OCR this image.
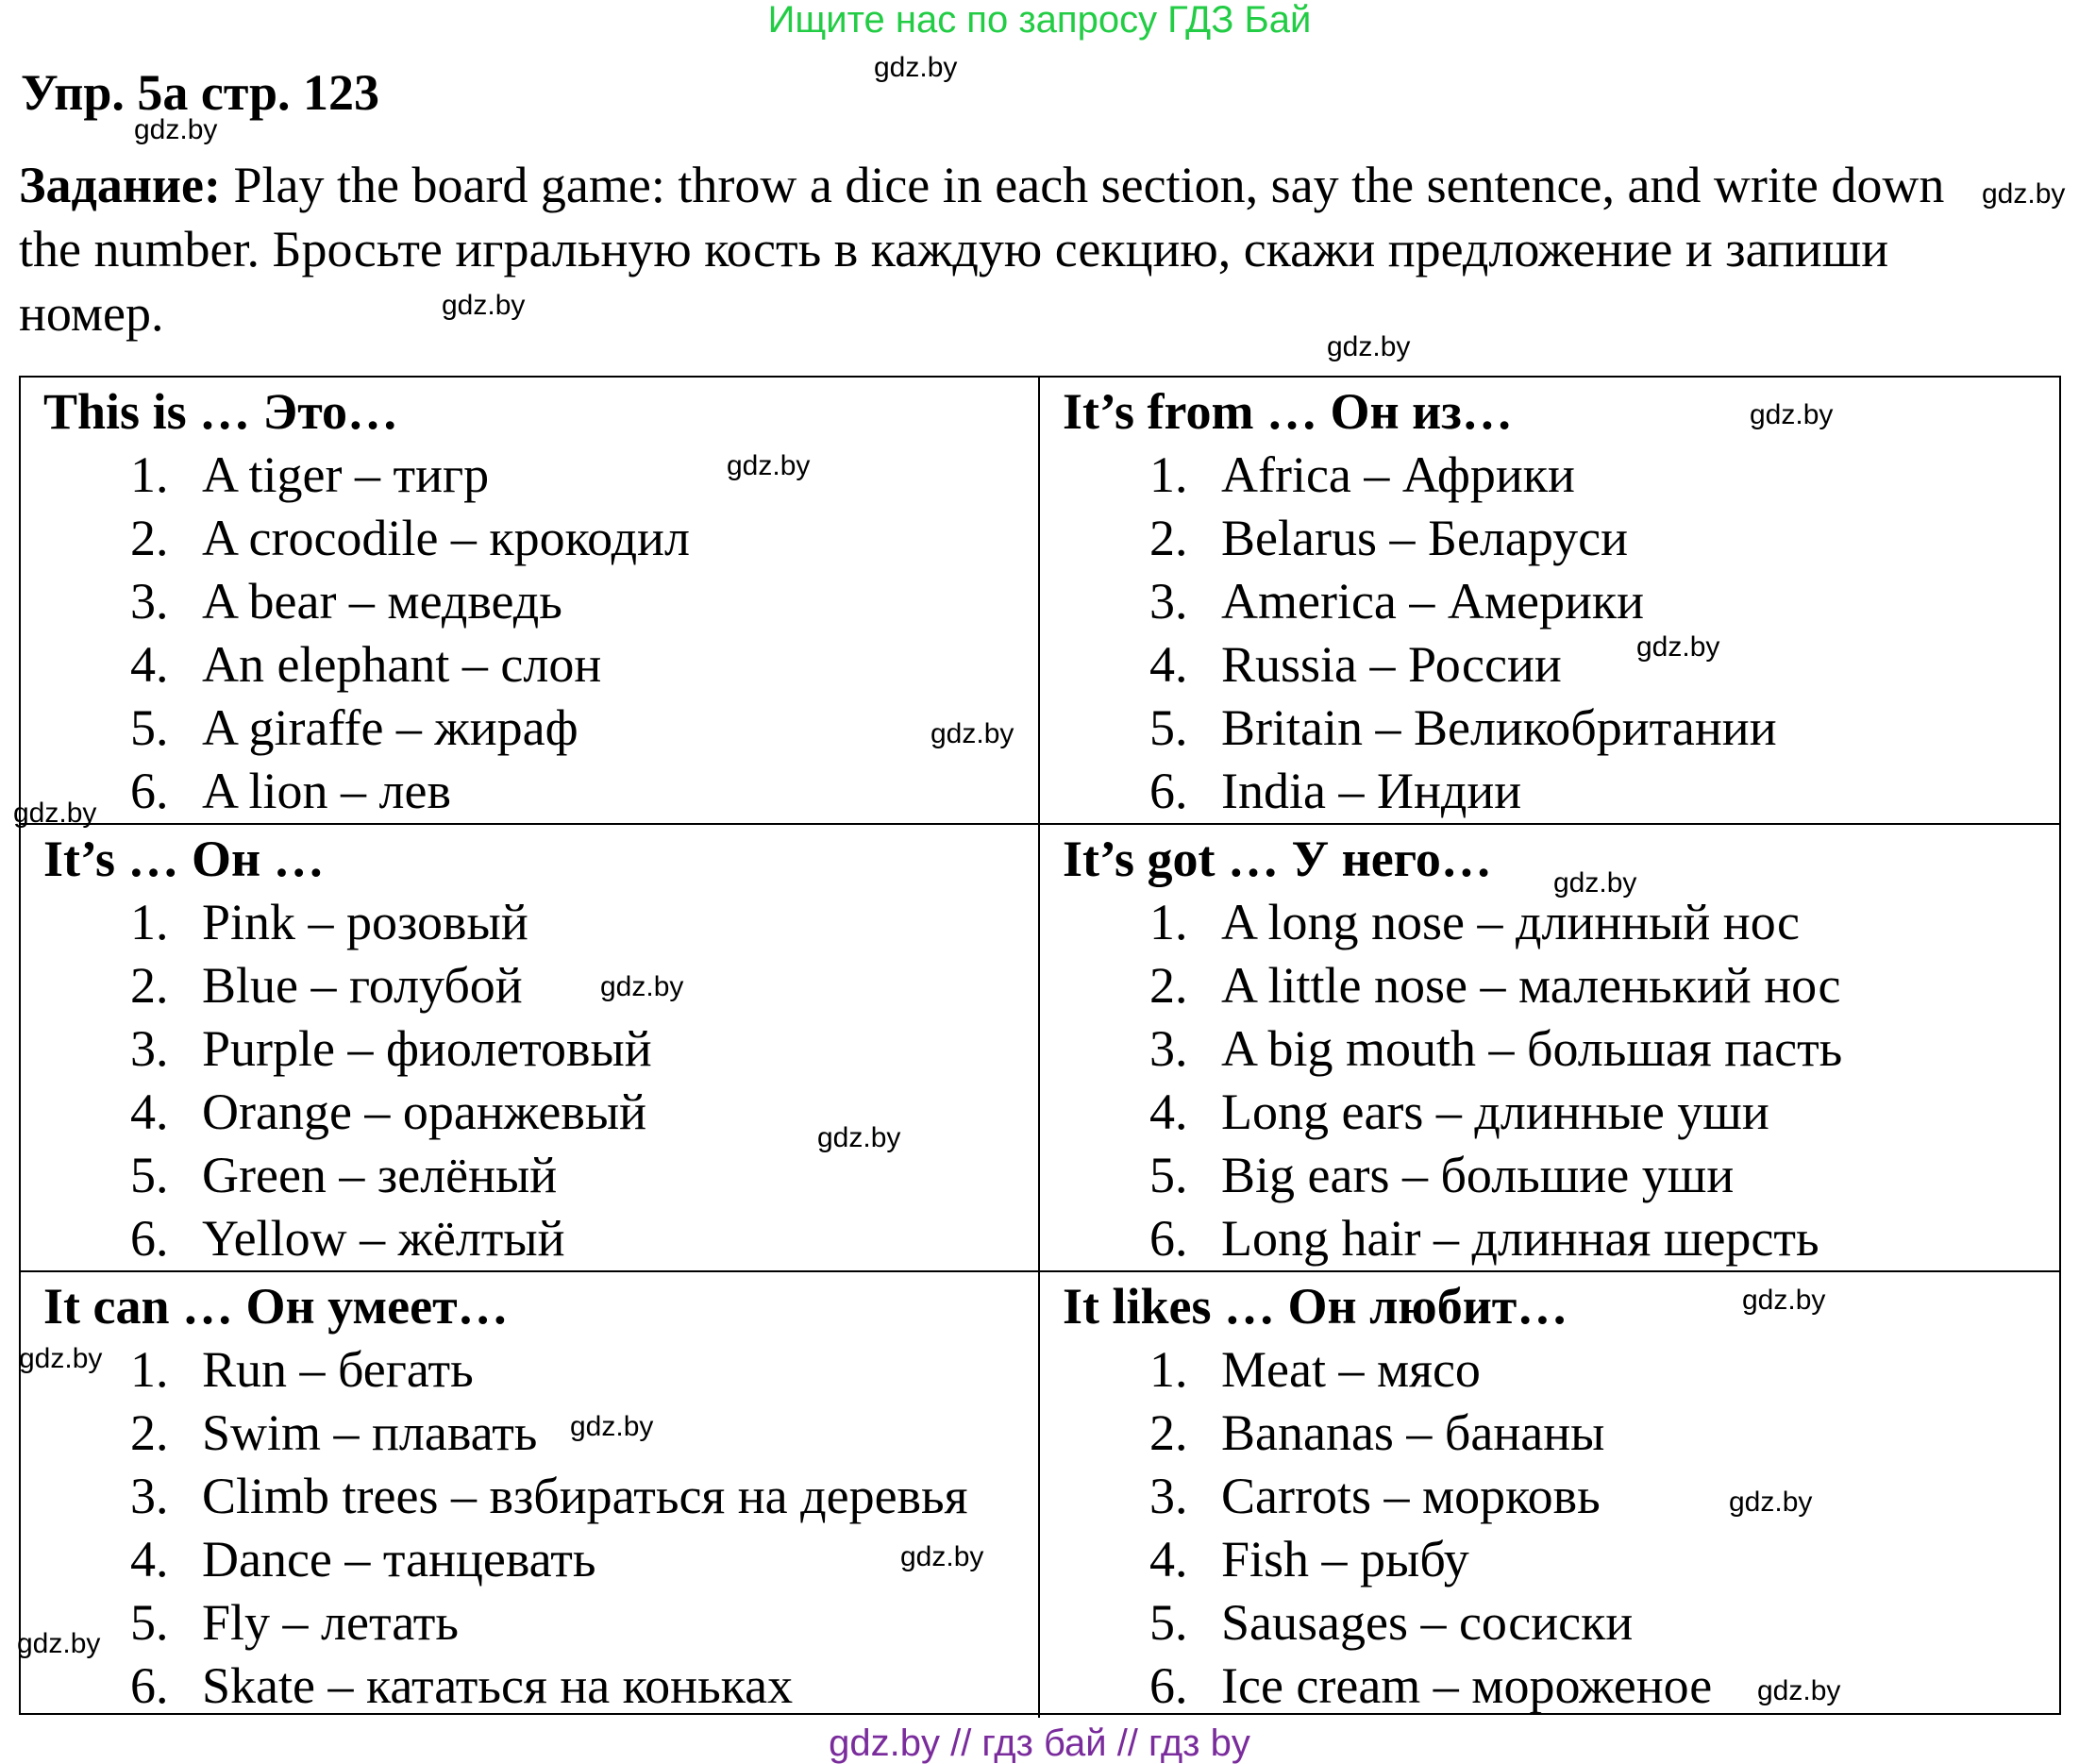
Ищите нас по запросу ГДЗ Бай
Упр. 5а стр. 123
Задание: Play the board game: throw a dice in each section, say the sentence, and write down the number. Бросьте игральную кость в каждую секцию, скажи предложение и запиши номер.
This is … Это…
1. A tiger – тигр
2. A crocodile – крокодил
3. A bear – медведь
4. An elephant – слон
5. A giraffe – жираф
6. A lion – лев
It’s from … Он из…
1. Africa – Африки
2. Belarus – Беларуси
3. America – Америки
4. Russia – России
5. Britain – Великобритании
6. India – Индии
It’s … Он …
1. Pink – розовый
2. Blue – голубой
3. Purple – фиолетовый
4. Orange – оранжевый
5. Green – зелёный
6. Yellow – жёлтый
It’s got … У него…
1. A long nose – длинный нос
2. A little nose – маленький нос
3. A big mouth – большая пасть
4. Long ears – длинные уши
5. Big ears – большие уши
6. Long hair – длинная шерсть
It can … Он умеет…
1. Run – бегать
2. Swim – плавать
3. Climb trees – взбираться на деревья
4. Dance – танцевать
5. Fly – летать
6. Skate – кататься на коньках
It likes … Он любит…
1. Meat – мясо
2. Bananas – бананы
3. Carrots – морковь
4. Fish – рыбу
5. Sausages – сосиски
6. Ice cream – мороженое
gdz.by
gdz.by
gdz.by
gdz.by
gdz.by
gdz.by
gdz.by
gdz.by
gdz.by
gdz.by
gdz.by
gdz.by
gdz.by
gdz.by
gdz.by
gdz.by
gdz.by
gdz.by
gdz.by
gdz.by
gdz.by // гдз бай // гдз by
